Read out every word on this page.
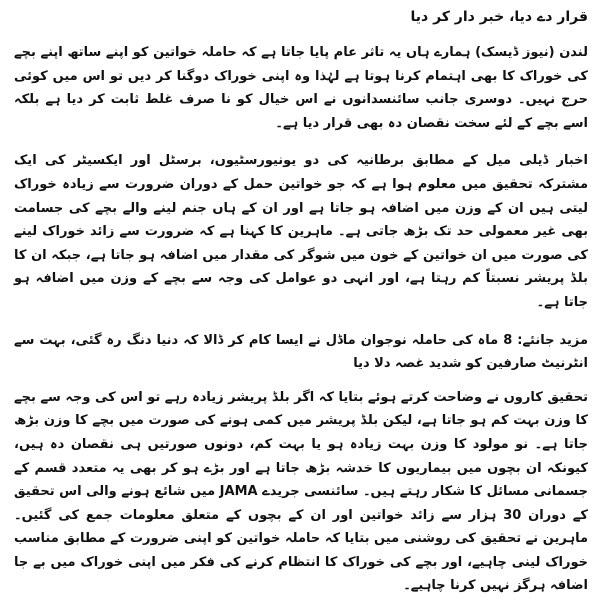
قرار دے دیا، خبر دار کر دیا

لندن (نیوز ڈیسک) ہمارے ہاں یہ تاثر عام پایا جاتا ہے کہ حاملہ خواتین کو اپنے ساتھ اپنے بچے کی خوراک کا بھی اہتمام کرنا ہوتا ہے لہٰذا وہ اپنی خوراک دوگنا کر دیں تو اس میں کوئی حرج نہیں۔ دوسری جانب سائنسدانوں نے اس خیال کو نا صرف غلط ثابت کر دیا ہے بلکہ اسے بچے کے لئے سخت نقصان دہ بھی قرار دیا ہے۔

اخبار ڈیلی میل کے مطابق برطانیہ کی دو یونیورسٹیوں، برسٹل اور ایکسیٹر کی ایک مشترکہ تحقیق میں معلوم ہوا ہے کہ جو خواتین حمل کے دوران ضرورت سے زیادہ خوراک لیتی ہیں ان کے وزن میں اضافہ ہو جاتا ہے اور ان کے ہاں جنم لینے والے بچے کی جسامت بھی غیر معمولی حد تک بڑھ جاتی ہے۔ ماہرین کا کہنا ہے کہ ضرورت سے زائد خوراک لینے کی صورت میں ان خواتین کے خون میں شوگر کی مقدار میں اضافہ ہو جاتا ہے، جبکہ ان کا بلڈ پریشر نسبتاً کم رہتا ہے، اور انہی دو عوامل کی وجہ سے بچے کے وزن میں اضافہ ہو جاتا ہے۔

مزید جانئے: 8 ماہ کی حاملہ نوجوان ماڈل نے ایسا کام کر ڈالا کہ دنیا دنگ رہ گئی، بہت سے انٹرنیٹ صارفین کو شدید غصہ دلا دیا

تحقیق کاروں نے وضاحت کرتے ہوئے بتایا کہ اگر بلڈ پریشر زیادہ رہے تو اس کی وجہ سے بچے کا وزن بہت کم ہو جاتا ہے، لیکن بلڈ پریشر میں کمی ہونے کی صورت میں بچے کا وزن بڑھ جاتا ہے۔ نو مولود کا وزن بہت زیادہ ہو یا بہت کم، دونوں صورتیں ہی نقصان دہ ہیں، کیونکہ ان بچوں میں بیماریوں کا خدشہ بڑھ جاتا ہے اور بڑے ہو کر بھی یہ متعدد قسم کے جسمانی مسائل کا شکار رہتے ہیں۔ سائنسی جریدے JAMA میں شائع ہونے والی اس تحقیق کے دوران 30 ہزار سے زائد خواتین اور ان کے بچوں کے متعلق معلومات جمع کی گئیں۔ ماہرین نے تحقیق کی روشنی میں بتایا کہ حاملہ خواتین کو اپنی ضرورت کے مطابق مناسب خوراک لینی چاہیے، اور بچے کی خوراک کا انتظام کرنے کی فکر میں اپنی خوراک میں بے جا اضافہ ہرگز نہیں کرنا چاہیے۔
